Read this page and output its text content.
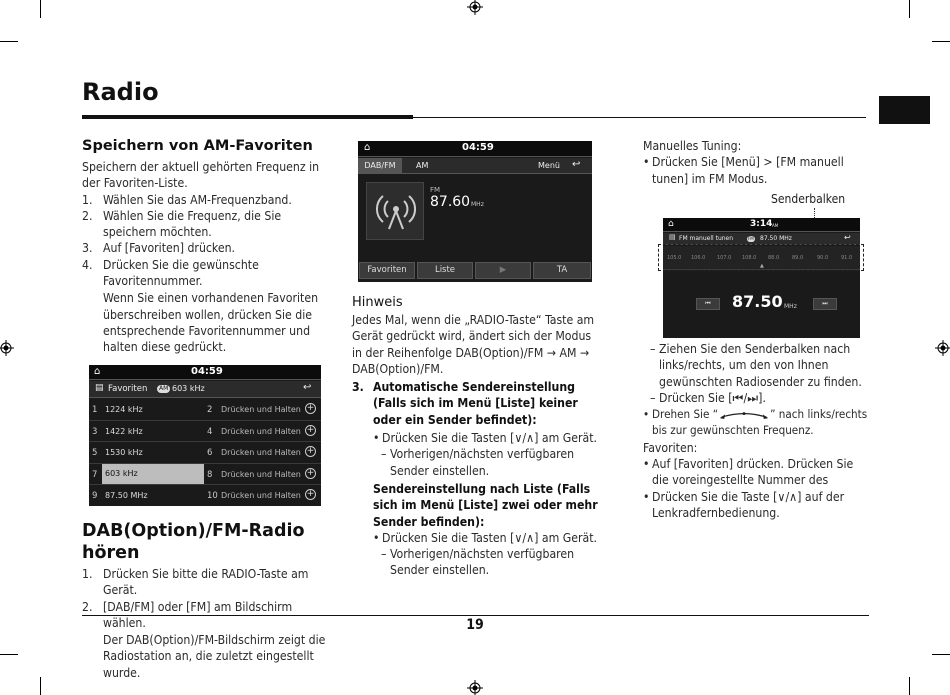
Radio
Speichern von AM-Favoriten
Speichern der aktuell gehörten Frequenz in der Favoriten-Liste.
1. Wählen Sie das AM-Frequenzband.
2. Wählen Sie die Frequenz, die Sie speichern möchten.
3. Auf [Favoriten] drücken.
4. Drücken Sie die gewünschte Favoritennummer.
Wenn Sie einen vorhandenen Favoriten überschreiben wollen, drücken Sie die entsprechende Favoritennummer und halten diese gedrückt.
⌂	04:59
▤ Favoriten	AM 603 kHz	↩
1 1224 kHz	2 Drücken und Halten +
3 1422 kHz	4 Drücken und Halten +
5 1530 kHz	6 Drücken und Halten +
7 603 kHz	8 Drücken und Halten +
9 87.50 MHz	10 Drücken und Halten +
DAB(Option)/FM-Radio hören
1. Drücken Sie bitte die RADIO-Taste am Gerät.
2. [DAB/FM] oder [FM] am Bildschirm wählen.
Der DAB(Option)/FM-Bildschirm zeigt die Radiostation an, die zuletzt eingestellt wurde.
⌂	04:59
DAB/FM	AM	Menü ↩
FM
87.60 MHz
Favoriten	Liste	▶	TA
Hinweis
Jedes Mal, wenn die „RADIO-Taste“ Taste am Gerät gedrückt wird, ändert sich der Modus in der Reihenfolge DAB(Option)/FM → AM → DAB(Option)/FM.
3. Automatische Sendereinstellung (Falls sich im Menü [Liste] keiner oder ein Sender befindet):
• Drücken Sie die Tasten [∨/∧] am Gerät.
– Vorherigen/nächsten verfügbaren Sender einstellen.
Sendereinstellung nach Liste (Falls sich im Menü [Liste] zwei oder mehr Sender befinden):
• Drücken Sie die Tasten [∨/∧] am Gerät.
– Vorherigen/nächsten verfügbaren Sender einstellen.
Manuelles Tuning:
• Drücken Sie [Menü] > [FM manuell tunen] im FM Modus.
Senderbalken
⌂	3:14 AM
▤ FM manuell tunen	FM 87.50 MHz	↩
105.0 106.0 107.0 108.0 88.0	89.0	90.0	91.0
▲
⏮	87.50 MHz	⏭
– Ziehen Sie den Senderbalken nach links/rechts, um den von Ihnen gewünschten Radiosender zu finden.
– Drücken Sie [⏮/⏭].
• Drehen Sie “	” nach links/rechts bis zur gewünschten Frequenz.
Favoriten:
• Auf [Favoriten] drücken. Drücken Sie die voreingestellte Nummer des
• Drücken Sie die Taste [∨/∧] auf der Lenkradfernbedienung.
19
